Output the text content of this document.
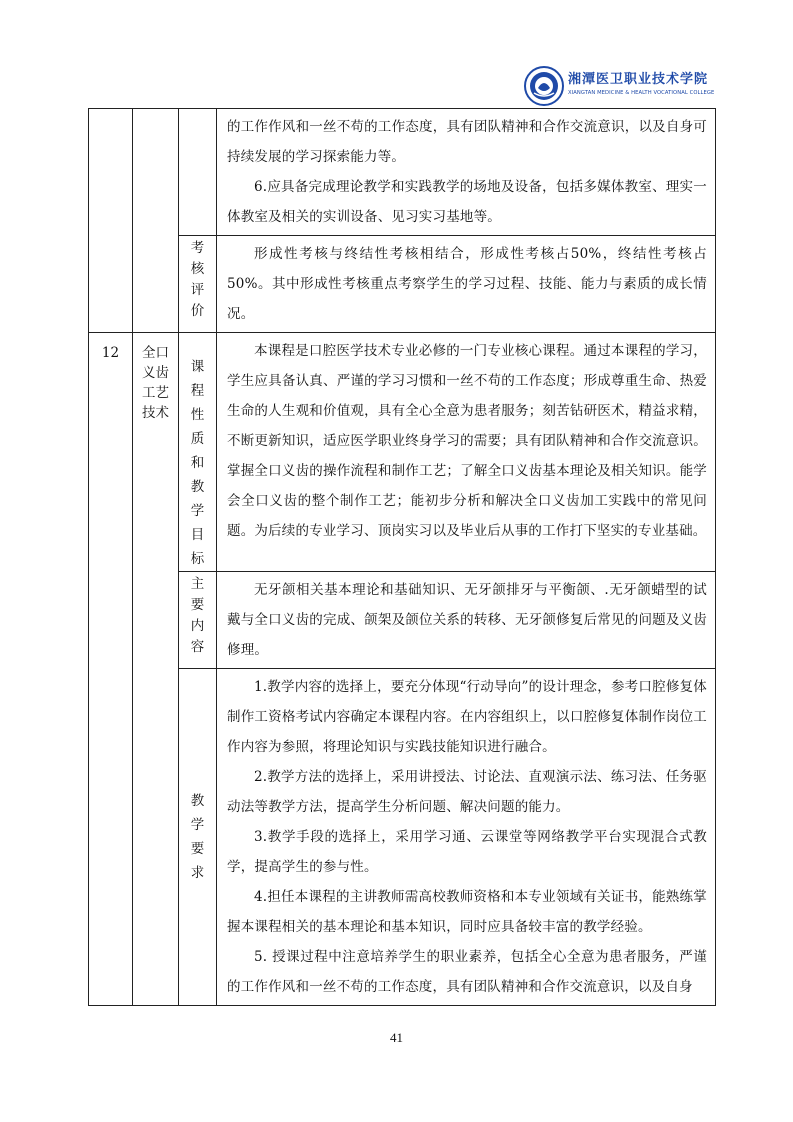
湘潭医卫职业技术学院
XIANGTAN MEDICINE & HEALTH VOCATIONAL COLLEGE

			的工作作风和一丝不苟的工作态度，具有团队精神和合作交流意识，以及自身可持续发展的学习探索能力等。

6.应具备完成理论教学和实践教学的场地及设备，包括多媒体教室、理实一体教室及相关的实训设备、见习实习基地等。

		考核评价	形成性考核与终结性考核相结合，形成性考核占50%，终结性考核占50%。其中形成性考核重点考察学生的学习过程、技能、能力与素质的成长情况。

12	全口义齿工艺技术	课程性质和教学目标	本课程是口腔医学技术专业必修的一门专业核心课程。通过本课程的学习，学生应具备认真、严谨的学习习惯和一丝不苟的工作态度；形成尊重生命、热爱生命的人生观和价值观，具有全心全意为患者服务；刻苦钻研医术，精益求精，不断更新知识，适应医学职业终身学习的需要；具有团队精神和合作交流意识。掌握全口义齿的操作流程和制作工艺；了解全口义齿基本理论及相关知识。能学会全口义齿的整个制作工艺；能初步分析和解决全口义齿加工实践中的常见问题。为后续的专业学习、顶岗实习以及毕业后从事的工作打下坚实的专业基础。

		主要内容	无牙颌相关基本理论和基础知识、无牙颌排牙与平衡颌、.无牙颌蜡型的试戴与全口义齿的完成、颌架及颌位关系的转移、无牙颌修复后常见的问题及义齿修理。

		教学要求	1.教学内容的选择上，要充分体现“行动导向”的设计理念，参考口腔修复体制作工资格考试内容确定本课程内容。在内容组织上，以口腔修复体制作岗位工作内容为参照，将理论知识与实践技能知识进行融合。

2.教学方法的选择上，采用讲授法、讨论法、直观演示法、练习法、任务驱动法等教学方法，提高学生分析问题、解决问题的能力。

3.教学手段的选择上，采用学习通、云课堂等网络教学平台实现混合式教学，提高学生的参与性。

4.担任本课程的主讲教师需高校教师资格和本专业领域有关证书，能熟练掌握本课程相关的基本理论和基本知识，同时应具备较丰富的教学经验。

5. 授课过程中注意培养学生的职业素养，包括全心全意为患者服务，严谨的工作作风和一丝不苟的工作态度，具有团队精神和合作交流意识，以及自身

41
